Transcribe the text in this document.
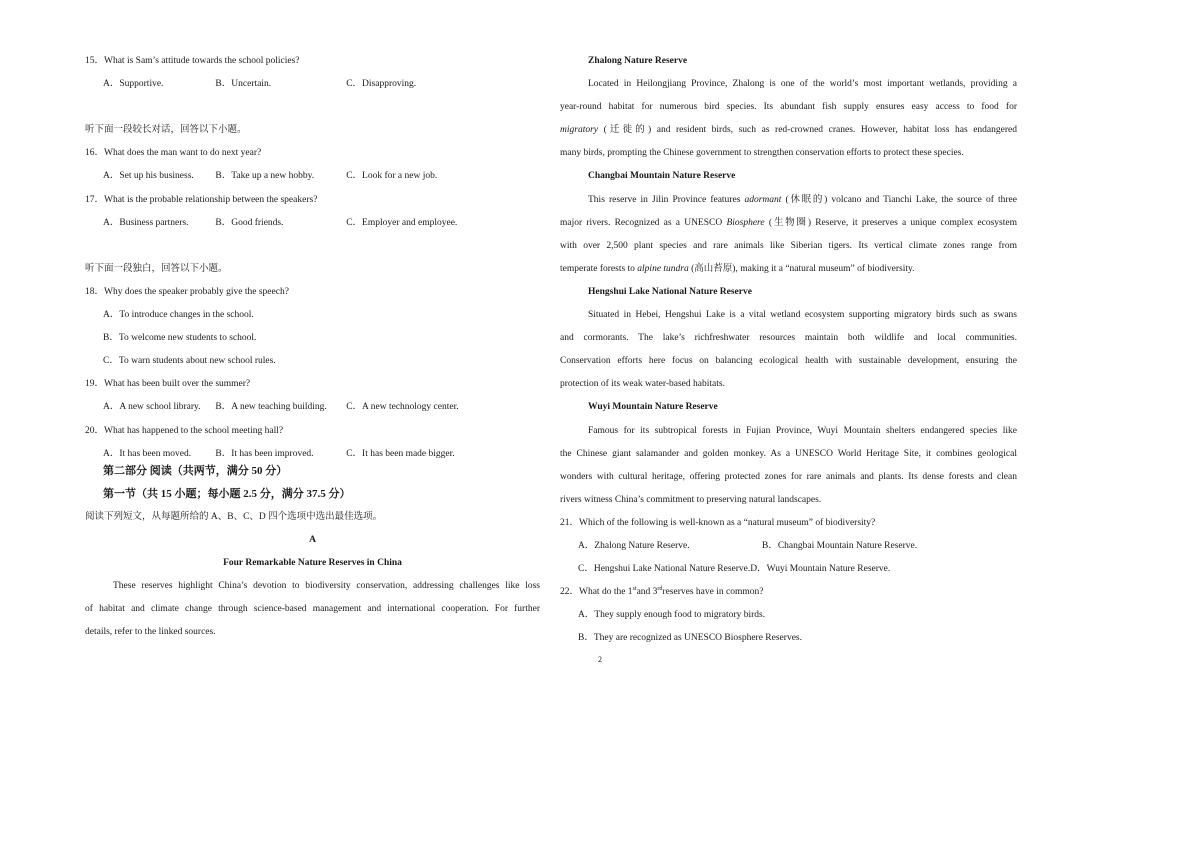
15．What is Sam’s attitude towards the school policies?
A．Supportive.	B．Uncertain.	C．Disapproving.
听下面一段较长对话，回答以下小题。
16．What does the man want to do next year?
A．Set up his business.	B．Take up a new hobby.	C．Look for a new job.
17．What is the probable relationship between the speakers?
A．Business partners.	B．Good friends.	C．Employer and employee.
听下面一段独白，回答以下小题。
18．Why does the speaker probably give the speech?
A．To introduce changes in the school.
B．To welcome new students to school.
C．To warn students about new school rules.
19．What has been built over the summer?
A．A new school library.	B．A new teaching building.	C．A new technology center.
20．What has happened to the school meeting hall?
A．It has been moved.	B．It has been improved.	C．It has been made bigger.
第二部分 阅读（共两节，满分 50 分）
第一节（共 15 小题；每小题 2.5 分，满分 37.5 分）
阅读下列短文，从每题所给的 A、B、C、D 四个选项中选出最佳选项。
A
Four Remarkable Nature Reserves in China
These reserves highlight China’s devotion to biodiversity conservation, addressing challenges like loss
of habitat and climate change through science-based management and international cooperation. For further
details, refer to the linked sources.
Zhalong Nature Reserve
Located in Heilongjiang Province, Zhalong is one of the world’s most important wetlands, providing a
year-round habitat for numerous bird species. Its abundant fish supply ensures easy access to food for
migratory (迁徙的) and resident birds, such as red-crowned cranes. However, habitat loss has endangered
many birds, prompting the Chinese government to strengthen conservation efforts to protect these species.
Changbai Mountain Nature Reserve
This reserve in Jilin Province features adormant (休眠的) volcano and Tianchi Lake, the source of three
major rivers. Recognized as a UNESCO Biosphere (生物圈) Reserve, it preserves a unique complex ecosystem
with over 2,500 plant species and rare animals like Siberian tigers. Its vertical climate zones range from
temperate forests to alpine tundra (高山苔原), making it a “natural museum” of biodiversity.
Hengshui Lake National Nature Reserve
Situated in Hebei, Hengshui Lake is a vital wetland ecosystem supporting migratory birds such as swans
and cormorants. The lake’s richfreshwater resources maintain both wildlife and local communities.
Conservation efforts here focus on balancing ecological health with sustainable development, ensuring the
protection of its weak water-based habitats.
Wuyi Mountain Nature Reserve
Famous for its subtropical forests in Fujian Province, Wuyi Mountain shelters endangered species like
the Chinese giant salamander and golden monkey. As a UNESCO World Heritage Site, it combines geological
wonders with cultural heritage, offering protected zones for rare animals and plants. Its dense forests and clean
rivers witness China’s commitment to preserving natural landscapes.
21．Which of the following is well-known as a “natural museum” of biodiversity?
A．Zhalong Nature Reserve.	B．Changbai Mountain Nature Reserve.
C．Hengshui Lake National Nature Reserve.D．Wuyi Mountain Nature Reserve.
22．What do the 1stand 3rdreserves have in common?
A．They supply enough food to migratory birds.
B．They are recognized as UNESCO Biosphere Reserves.
2
